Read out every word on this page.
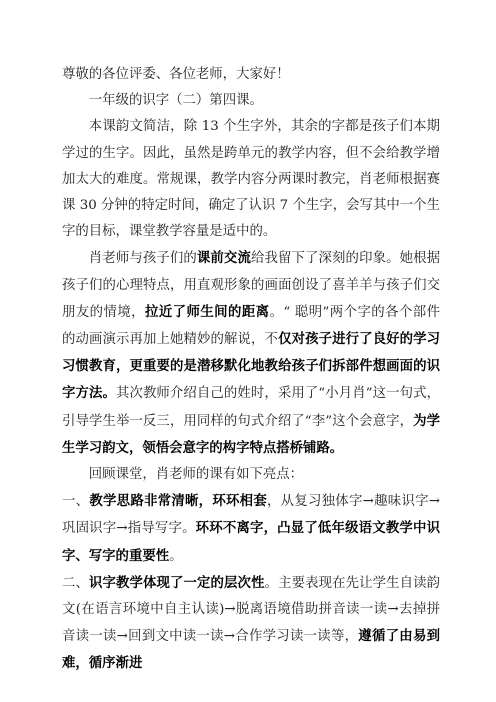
尊敬的各位评委、各位老师，大家好！

一年级的识字（二）第四课。

本课韵文简洁，除 13 个生字外，其余的字都是孩子们本期学过的生字。因此，虽然是跨单元的教学内容，但不会给教学增加太大的难度。常规课，教学内容分两课时教完，肖老师根据赛课 30 分钟的特定时间，确定了认识 7 个生字，会写其中一个生字的目标，课堂教学容量是适中的。

肖老师与孩子们的课前交流给我留下了深刻的印象。她根据孩子们的心理特点，用直观形象的画面创设了喜羊羊与孩子们交朋友的情境，拉近了师生间的距离。“ 聪明”两个字的各个部件的动画演示再加上她精妙的解说，不仅对孩子进行了良好的学习习惯教育，更重要的是潜移默化地教给孩子们拆部件想画面的识字方法。其次教师介绍自己的姓时，采用了“小月肖”这一句式，引导学生举一反三，用同样的句式介绍了“李”这个会意字，为学生学习韵文，领悟会意字的构字特点搭桥铺路。

回顾课堂，肖老师的课有如下亮点：

一、教学思路非常清晰，环环相套，从复习独体字→趣味识字→巩固识字→指导写字。环环不离字，凸显了低年级语文教学中识字、写字的重要性。

二、识字教学体现了一定的层次性。主要表现在先让学生自读韵文(在语言环境中自主认读)→脱离语境借助拼音读一读→去掉拼音读一读→回到文中读一读→合作学习读一读等，遵循了由易到难，循序渐进
